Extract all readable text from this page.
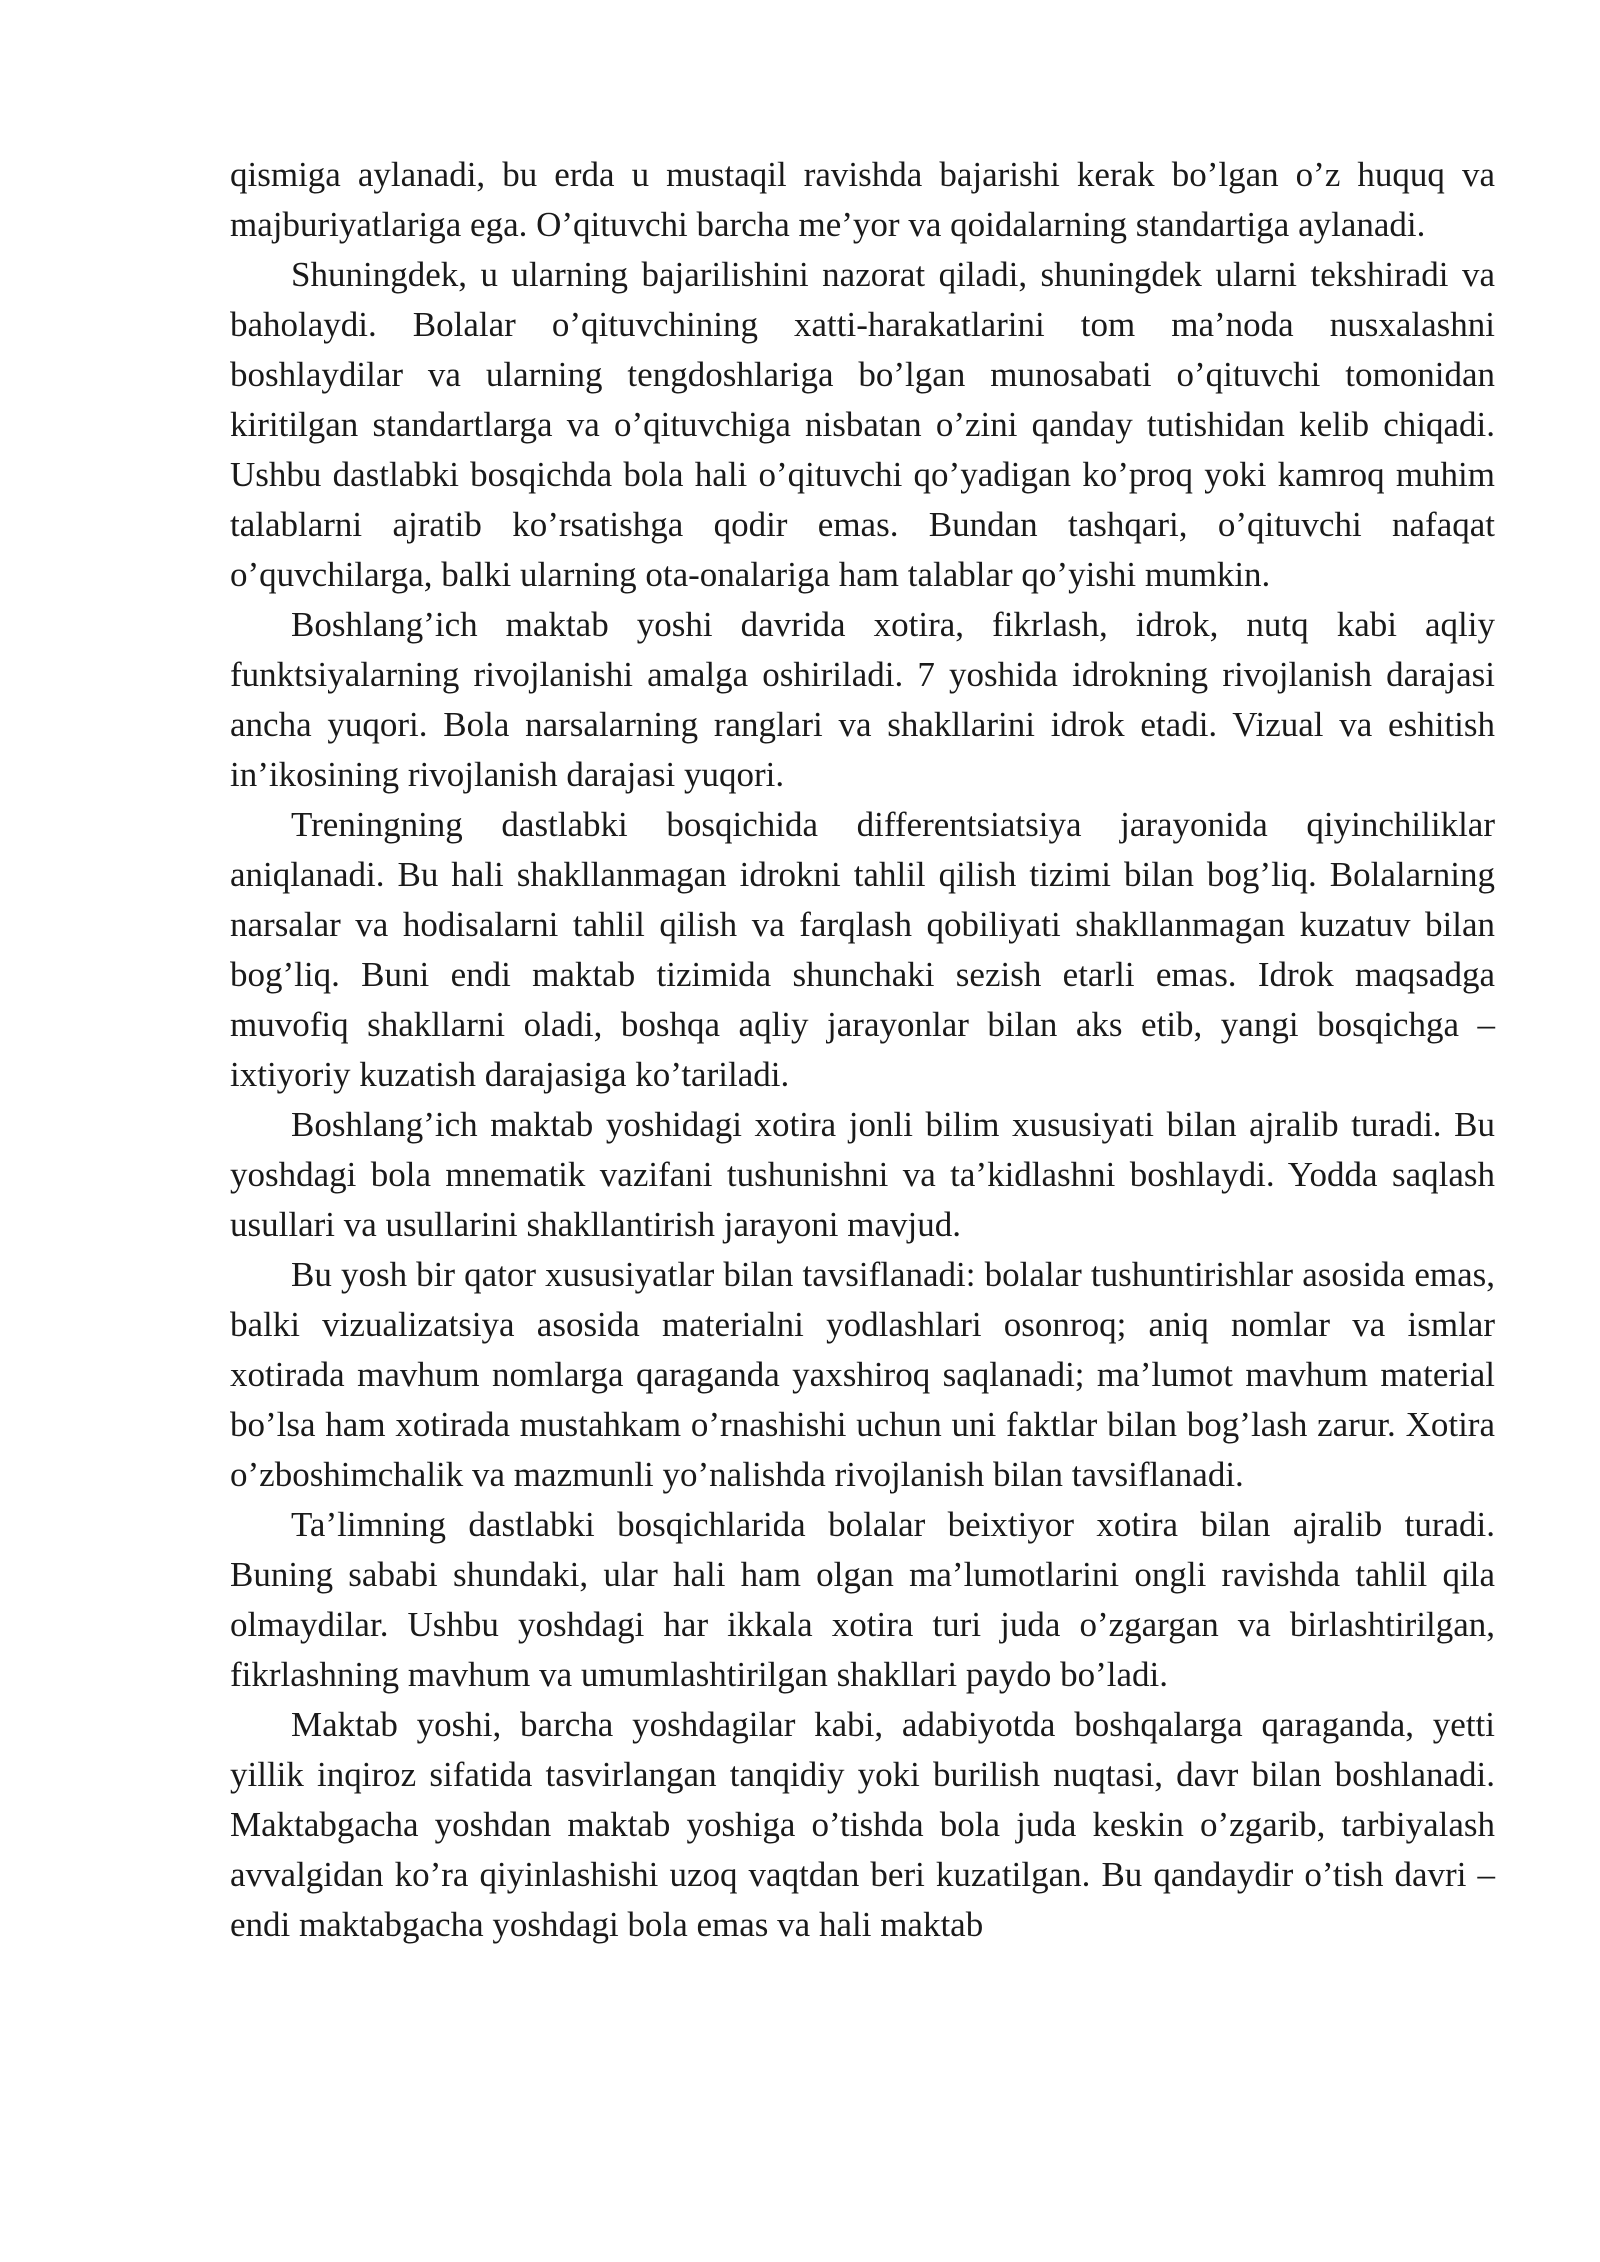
qismiga aylanadi, bu erda u mustaqil ravishda bajarishi kerak bo’lgan o’z huquq va majburiyatlariga ega. O’qituvchi barcha me’yor va qoidalarning standartiga aylanadi.

Shuningdek, u ularning bajarilishini nazorat qiladi, shuningdek ularni tekshiradi va baholaydi. Bolalar o’qituvchining xatti-harakatlarini tom ma’noda nusxalashni boshlaydilar va ularning tengdoshlariga bo’lgan munosabati o’qituvchi tomonidan kiritilgan standartlarga va o’qituvchiga nisbatan o’zini qanday tutishidan kelib chiqadi. Ushbu dastlabki bosqichda bola hali o’qituvchi qo’yadigan ko’proq yoki kamroq muhim talablarni ajratib ko’rsatishga qodir emas. Bundan tashqari, o’qituvchi nafaqat o’quvchilarga, balki ularning ota-onalariga ham talablar qo’yishi mumkin.

Boshlang’ich maktab yoshi davrida xotira, fikrlash, idrok, nutq kabi aqliy funktsiyalarning rivojlanishi amalga oshiriladi. 7 yoshida idrokning rivojlanish darajasi ancha yuqori. Bola narsalarning ranglari va shakllarini idrok etadi. Vizual va eshitish in’ikosining rivojlanish darajasi yuqori.

Treningning dastlabki bosqichida differentsiatsiya jarayonida qiyinchiliklar aniqlanadi. Bu hali shakllanmagan idrokni tahlil qilish tizimi bilan bog’liq. Bolalarning narsalar va hodisalarni tahlil qilish va farqlash qobiliyati shakllanmagan kuzatuv bilan bog’liq. Buni endi maktab tizimida shunchaki sezish etarli emas. Idrok maqsadga muvofiq shakllarni oladi, boshqa aqliy jarayonlar bilan aks etib, yangi bosqichga – ixtiyoriy kuzatish darajasiga ko’tariladi.

Boshlang’ich maktab yoshidagi xotira jonli bilim xususiyati bilan ajralib turadi. Bu yoshdagi bola mnematik vazifani tushunishni va ta’kidlashni boshlaydi. Yodda saqlash usullari va usullarini shakllantirish jarayoni mavjud.

Bu yosh bir qator xususiyatlar bilan tavsiflanadi: bolalar tushuntirishlar asosida emas, balki vizualizatsiya asosida materialni yodlashlari osonroq; aniq nomlar va ismlar xotirada mavhum nomlarga qaraganda yaxshiroq saqlanadi; ma’lumot mavhum material bo’lsa ham xotirada mustahkam o’rnashishi uchun uni faktlar bilan bog’lash zarur. Xotira o’zboshimchalik va mazmunli yo’nalishda rivojlanish bilan tavsiflanadi.

Ta’limning dastlabki bosqichlarida bolalar beixtiyor xotira bilan ajralib turadi. Buning sababi shundaki, ular hali ham olgan ma’lumotlarini ongli ravishda tahlil qila olmaydilar. Ushbu yoshdagi har ikkala xotira turi juda o’zgargan va birlashtirilgan, fikrlashning mavhum va umumlashtirilgan shakllari paydo bo’ladi.

Maktab yoshi, barcha yoshdagilar kabi, adabiyotda boshqalarga qaraganda, yetti yillik inqiroz sifatida tasvirlangan tanqidiy yoki burilish nuqtasi, davr bilan boshlanadi. Maktabgacha yoshdan maktab yoshiga o’tishda bola juda keskin o’zgarib, tarbiyalash avvalgidan ko’ra qiyinlashishi uzoq vaqtdan beri kuzatilgan. Bu qandaydir o’tish davri – endi maktabgacha yoshdagi bola emas va hali maktab
